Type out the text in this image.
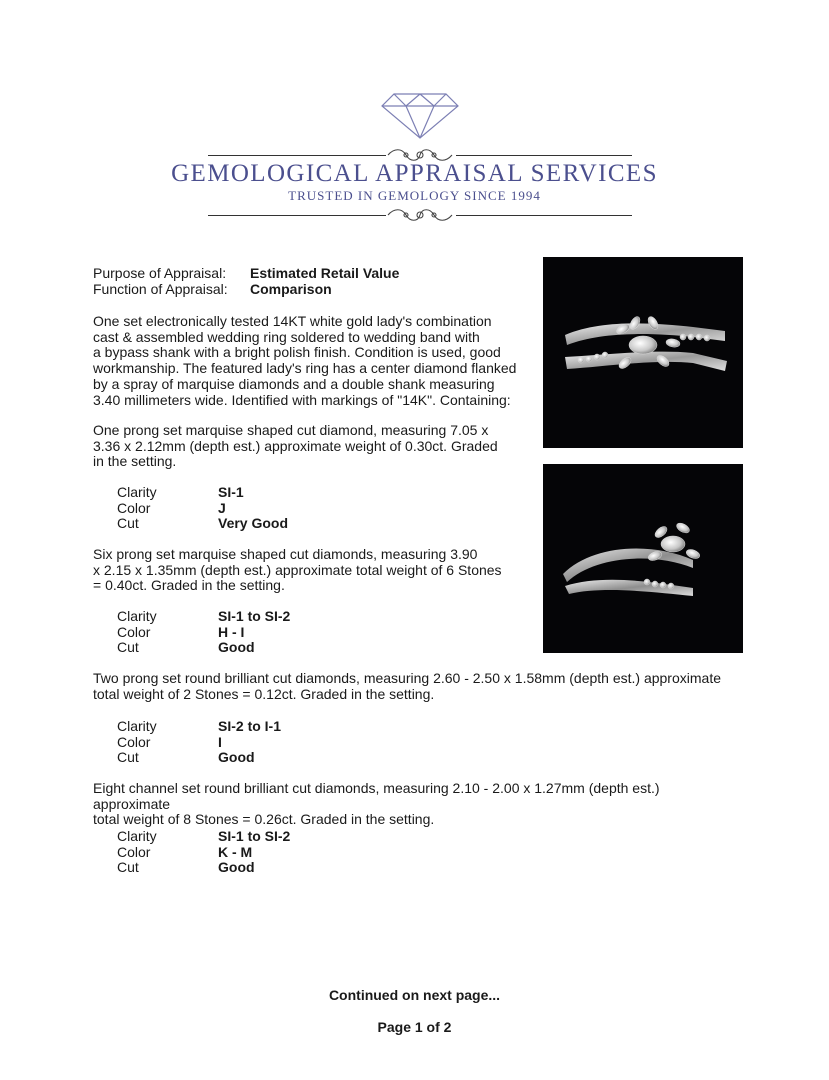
GEMOLOGICAL APPRAISAL SERVICES
TRUSTED IN GEMOLOGY SINCE 1994
Purpose of Appraisal:	Estimated Retail Value
Function of Appraisal:	Comparison
One set electronically tested 14KT white gold lady's combination
cast & assembled wedding ring soldered to wedding band with
a bypass shank with a bright polish finish. Condition is used, good
workmanship. The featured lady's ring has a center diamond flanked
by a spray of marquise diamonds and a double shank measuring
3.40 millimeters wide. Identified with markings of "14K". Containing:
One prong set marquise shaped cut diamond, measuring 7.05 x
3.36 x 2.12mm (depth est.) approximate weight of 0.30ct. Graded
in the setting.
Clarity	SI-1
Color	J
Cut	Very Good
Six prong set marquise shaped cut diamonds, measuring 3.90
x 2.15 x 1.35mm (depth est.) approximate total weight of 6 Stones
= 0.40ct. Graded in the setting.
Clarity	SI-1 to SI-2
Color	H - I
Cut	Good
Two prong set round brilliant cut diamonds, measuring 2.60 - 2.50 x 1.58mm (depth est.) approximate
total weight of 2 Stones = 0.12ct. Graded in the setting.
Clarity	SI-2 to I-1
Color	I
Cut	Good
Eight channel set round brilliant cut diamonds, measuring 2.10 - 2.00 x 1.27mm (depth est.) approximate
total weight of 8 Stones = 0.26ct. Graded in the setting.
Clarity	SI-1 to SI-2
Color	K - M
Cut	Good
Continued on next page...
Page 1 of 2
